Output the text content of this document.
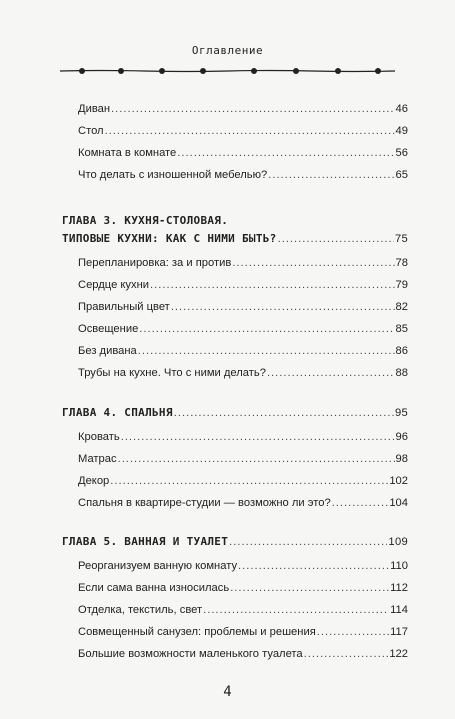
Оглавление
Диван .....	46
Стол .....	49
Комната в комнате .....	56
Что делать с изношенной мебелью? .....	65
ГЛАВА 3. КУХНЯ-СТОЛОВАЯ.
ТИПОВЫЕ КУХНИ: КАК С НИМИ БЫТЬ? .....	75
Перепланировка: за и против .....	78
Сердце кухни .....	79
Правильный цвет .....	82
Освещение .....	85
Без дивана .....	86
Трубы на кухне. Что с ними делать? .....	88
ГЛАВА 4. СПАЛЬНЯ .....	95
Кровать .....	96
Матрас .....	98
Декор .....	102
Спальня в квартире-студии — возможно ли это? .....	104
ГЛАВА 5. ВАННАЯ И ТУАЛЕТ .....	109
Реорганизуем ванную комнату .....	110
Если сама ванна износилась .....	112
Отделка, текстиль, свет .....	114
Совмещенный санузел: проблемы и решения .....	117
Большие возможности маленького туалета .....	122
4
